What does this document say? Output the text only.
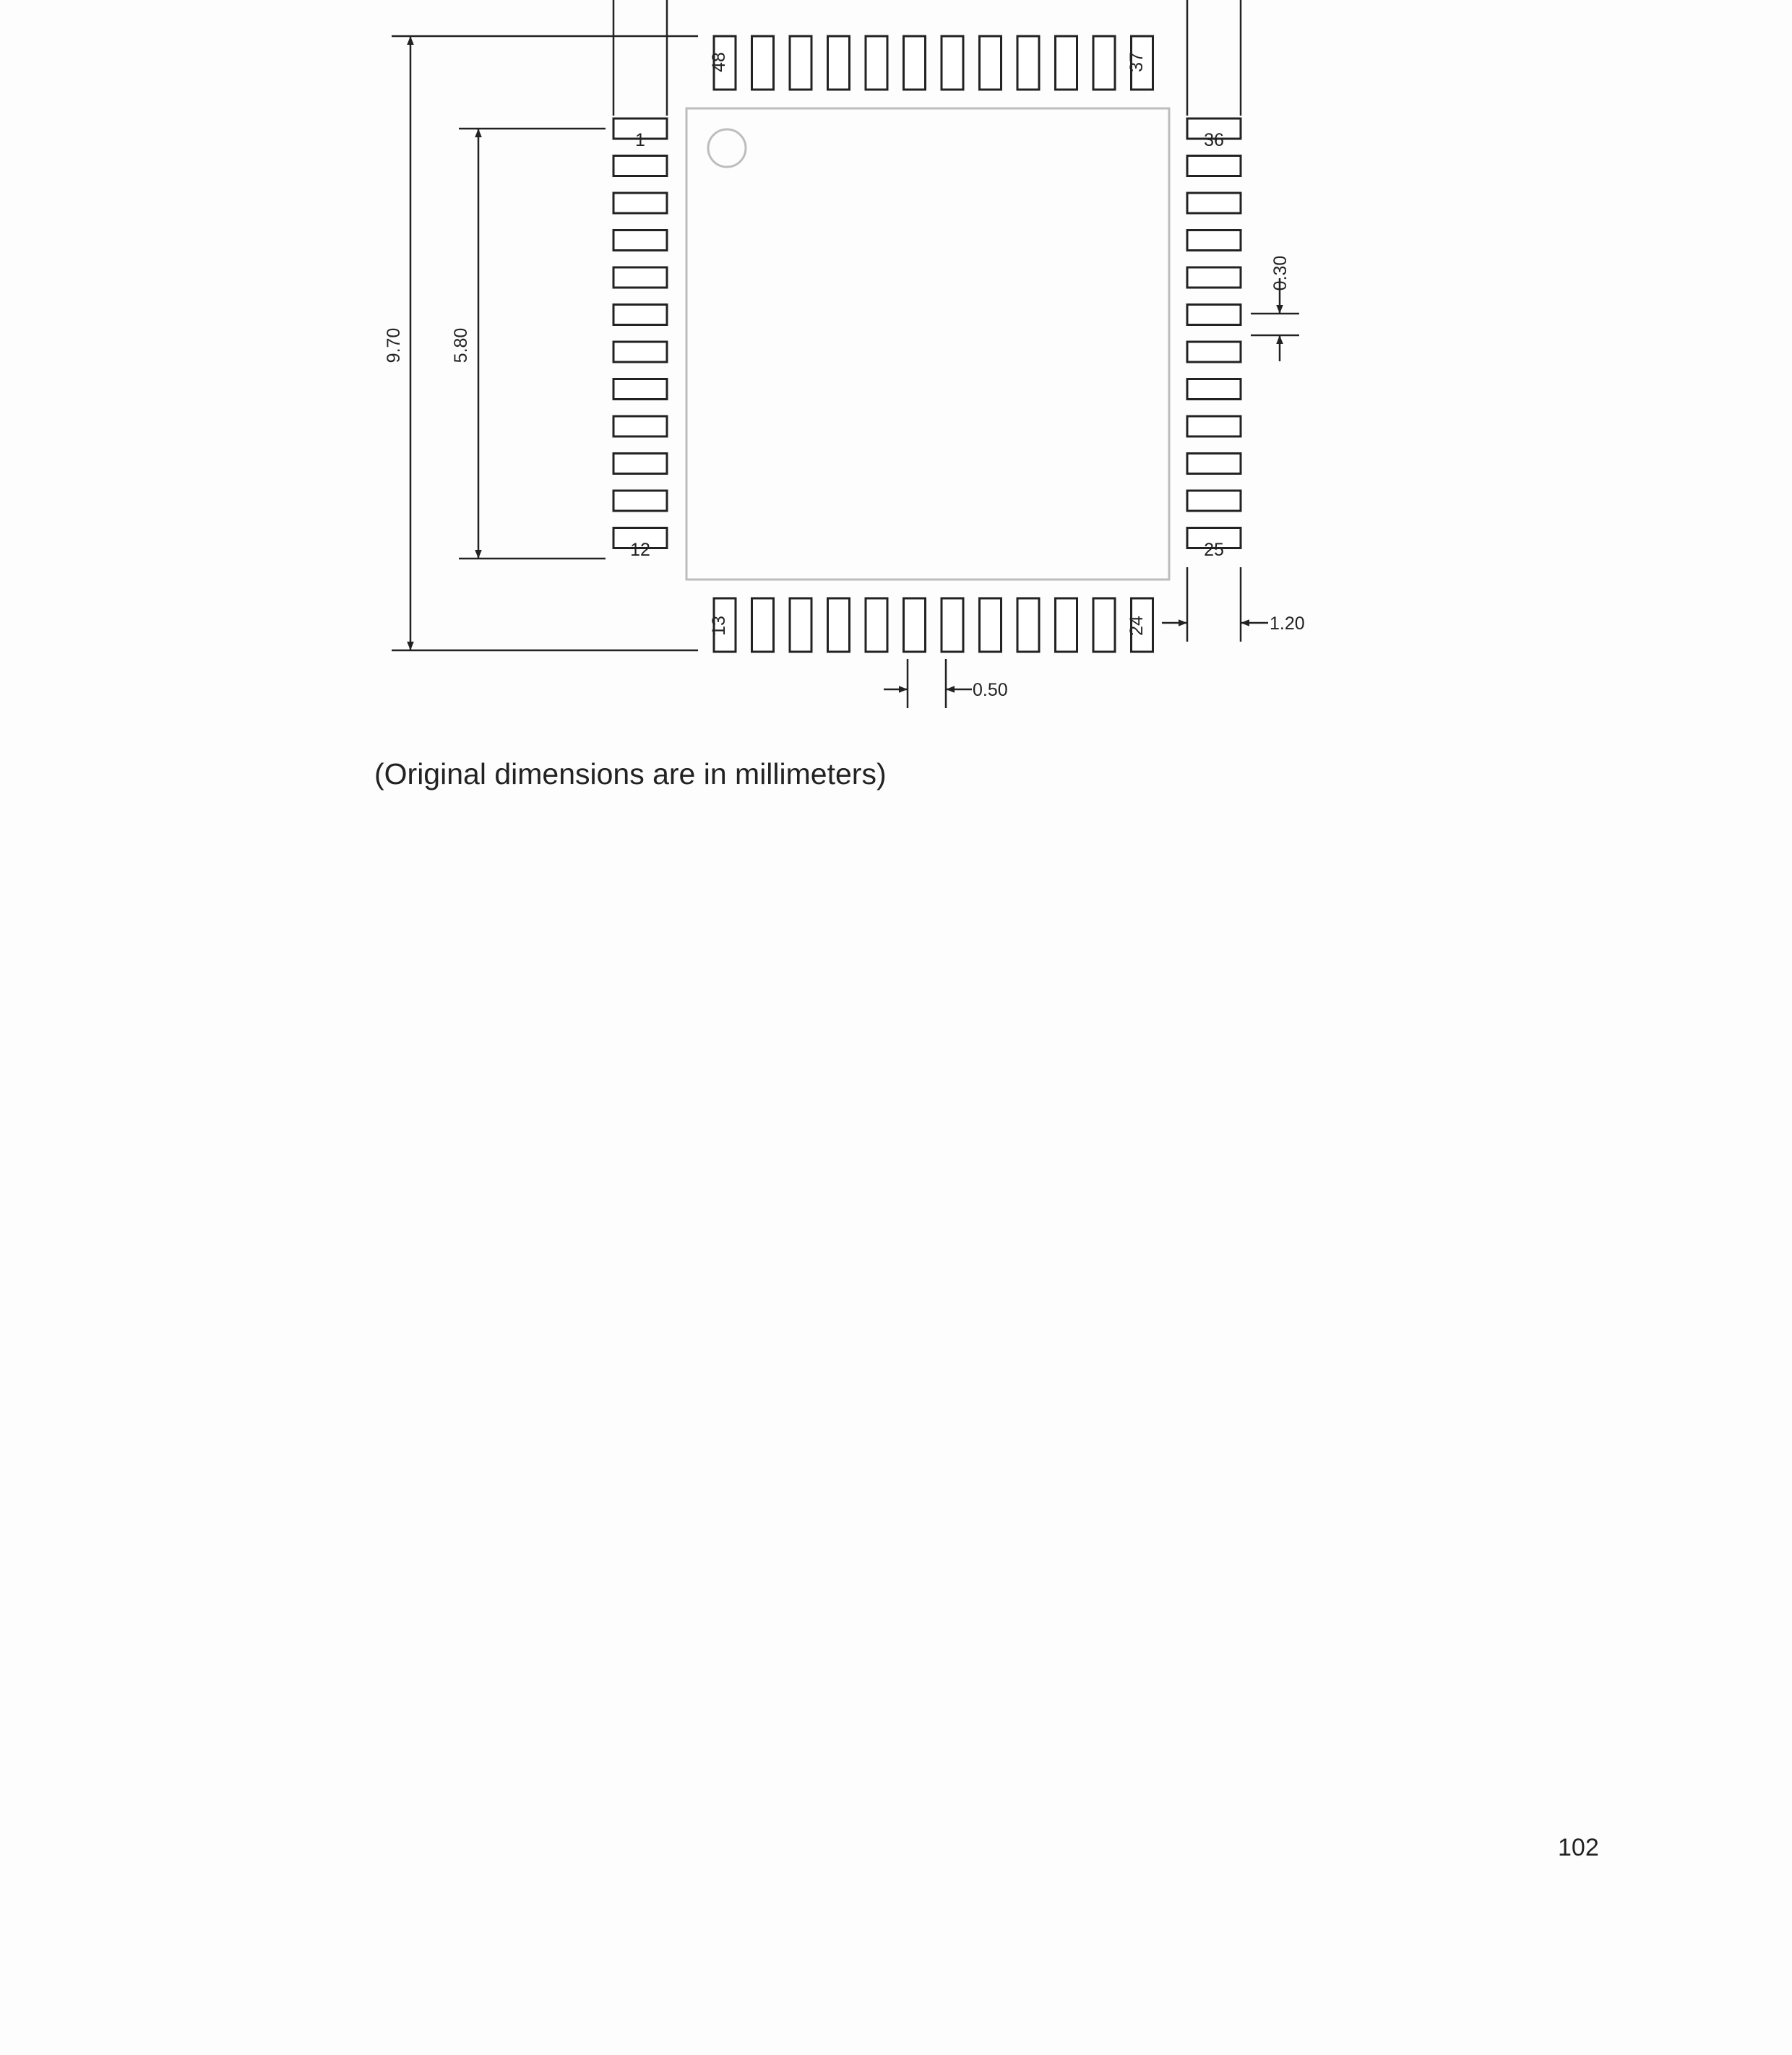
1
12
36
25
48	37
13	24
9.70	5.80
0.30
1.20
0.50
(Original dimensions are in millimeters)
102
